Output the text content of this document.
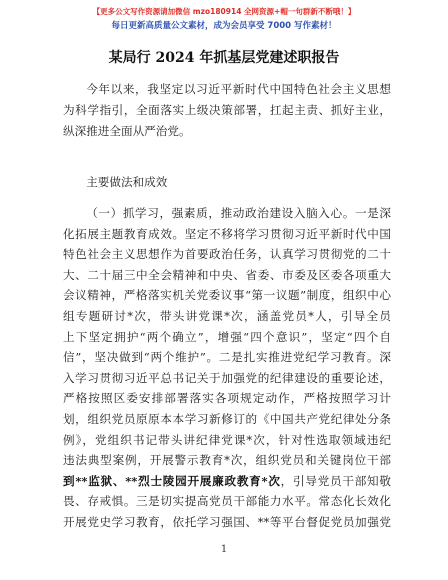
【更多公文写作资源请加微信 mzo180914 全网资源+帽一句群新不断哦！】
每日更新高质量公文素材，成为会员享受 7000 写作素材！
某局行 2024 年抓基层党建述职报告
今年以来，我坚定以习近平新时代中国特色社会主义思想
为科学指引，全面落实上级决策部署，扛起主责、抓好主业，
纵深推进全面从严治党。
主要做法和成效
（一）抓学习，强素质，推动政治建设入脑入心。一是深
化拓展主题教育成效。坚定不移将学习贯彻习近平新时代中国
特色社会主义思想作为首要政治任务，认真学习贯彻党的二十
大、二十届三中全会精神和中央、省委、市委及区委各项重大
会议精神，严格落实机关党委议事“第一议题”制度，组织中心
组专题研讨*次，带头讲党课*次，涵盖党员*人，引导全员
上下坚定拥护“两个确立”，增强“四个意识”，坚定“四个自
信”，坚决做到“两个维护”。二是扎实推进党纪学习教育。深
入学习贯彻习近平总书记关于加强党的纪律建设的重要论述，
严格按照区委安排部署落实各项规定动作，严格按照学习计
划，组织党员原原本本学习新修订的《中国共产党纪律处分条
例》，党组织书记带头讲纪律党课*次，针对性选取领域违纪
违法典型案例，开展警示教育*次，组织党员和关键岗位干部
到**监狱、**烈士陵园开展廉政教育*次，引导党员干部知敬
畏、存戒惧。三是切实提高党员干部能力水平。常态化长效化
开展党史学习教育，依托学习强国、**等平台督促党员加强党
1
